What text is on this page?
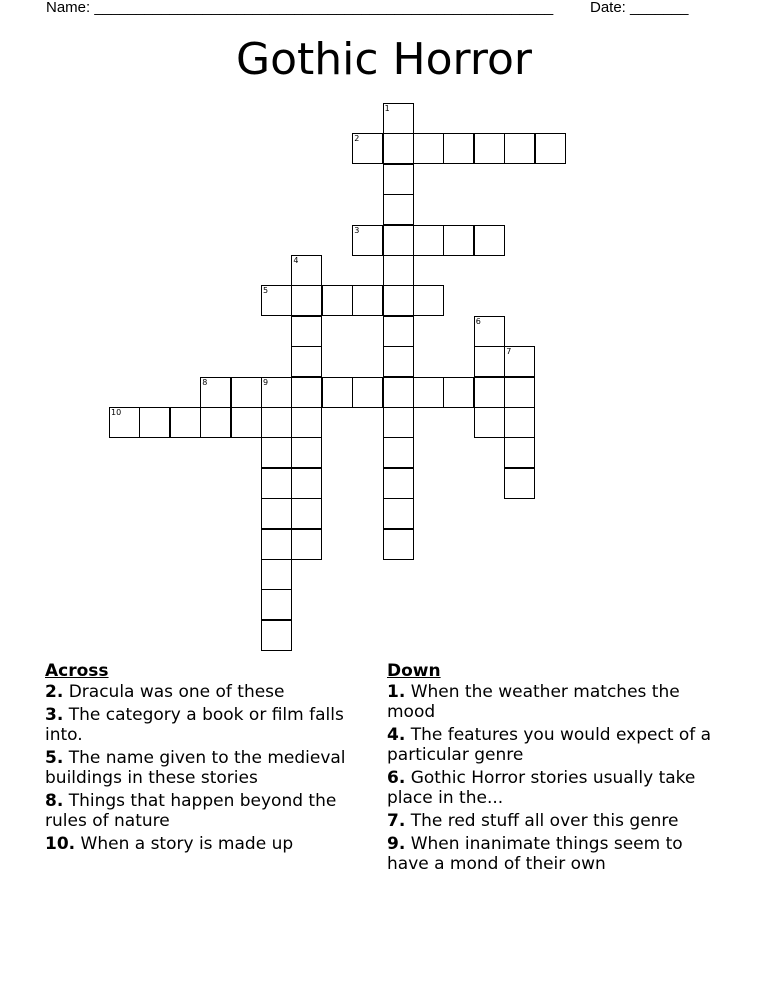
Name: _______________________________________________________ Date: _______
Gothic Horror
1
2
3
4
5
6
7
8	9
10
Across
2. Dracula was one of these
3. The category a book or film falls into.
5. The name given to the medieval buildings in these stories
8. Things that happen beyond the rules of nature
10. When a story is made up
Down
1. When the weather matches the mood
4. The features you would expect of a particular genre
6. Gothic Horror stories usually take place in the...
7. The red stuff all over this genre
9. When inanimate things seem to have a mond of their own
